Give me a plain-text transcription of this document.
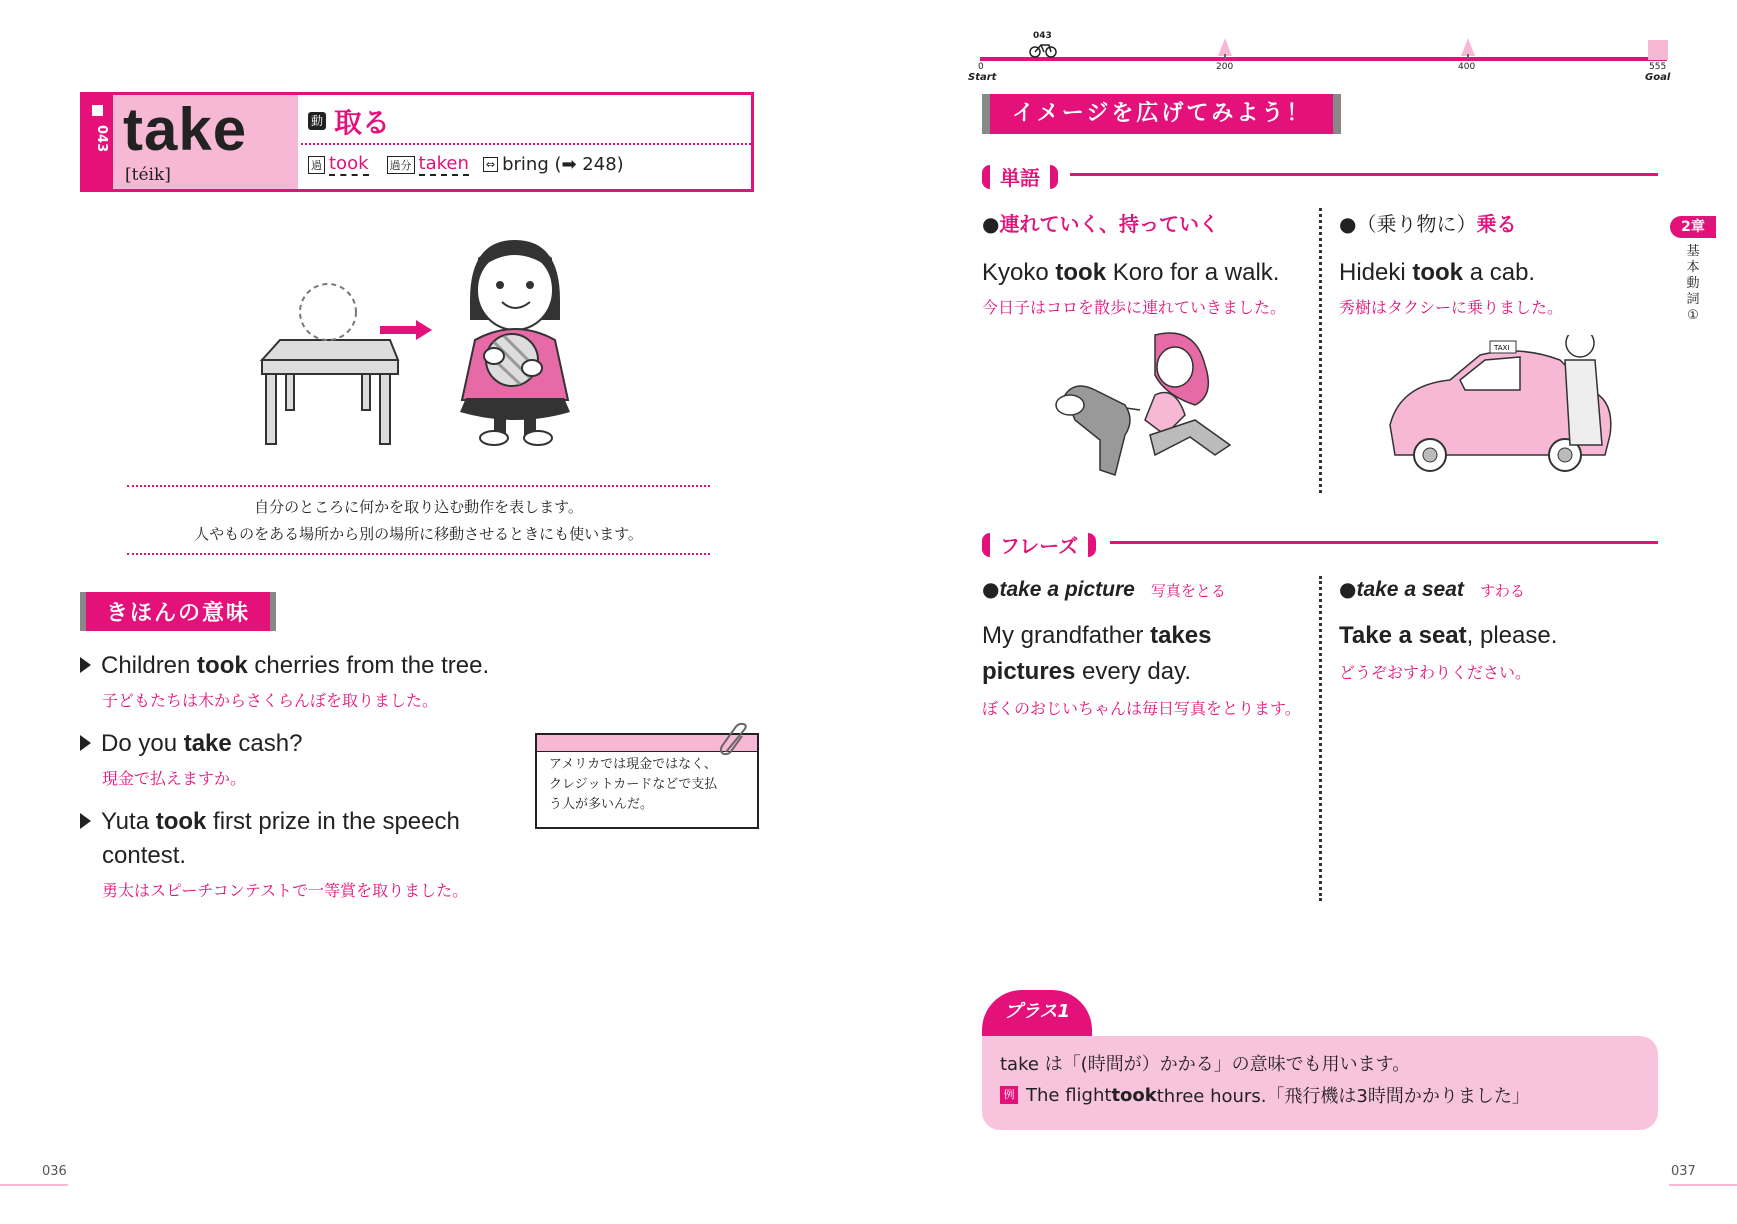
043 take
[téik]
動 取る
過 took 過分 taken ⇔ bring (➡ 248)
自分のところに何かを取り込む動作を表します。
人やものをある場所から別の場所に移動させるときにも使います。
きほんの意味
Children took cherries from the tree.
子どもたちは木からさくらんぼを取りました。
Do you take cash?
現金で払えますか。
Yuta took first prize in the speech
contest.
勇太はスピーチコンテストで一等賞を取りました。
アメリカでは現金ではなく、
クレジットカードなどで支払
う人が多いんだ。
036
043
0	200	400	555
Start	Goal
イメージを広げてみよう！
単語
●連れていく、持っていく
Kyoko took Koro for a walk.
今日子はコロを散歩に連れていきました。
●（乗り物に）乗る
Hideki took a cab.
秀樹はタクシーに乗りました。
TAXI
フレーズ
●take a picture 写真をとる
My grandfather takes
pictures every day.
ぼくのおじいちゃんは毎日写真をとります。
●take a seat すわる
Take a seat, please.
どうぞおすわりください。
プラス1
take は「(時間が）かかる」の意味でも用います。
例 The flight took three hours.「飛行機は3時間かかりました」
2章
基
本
動
詞
①
037
